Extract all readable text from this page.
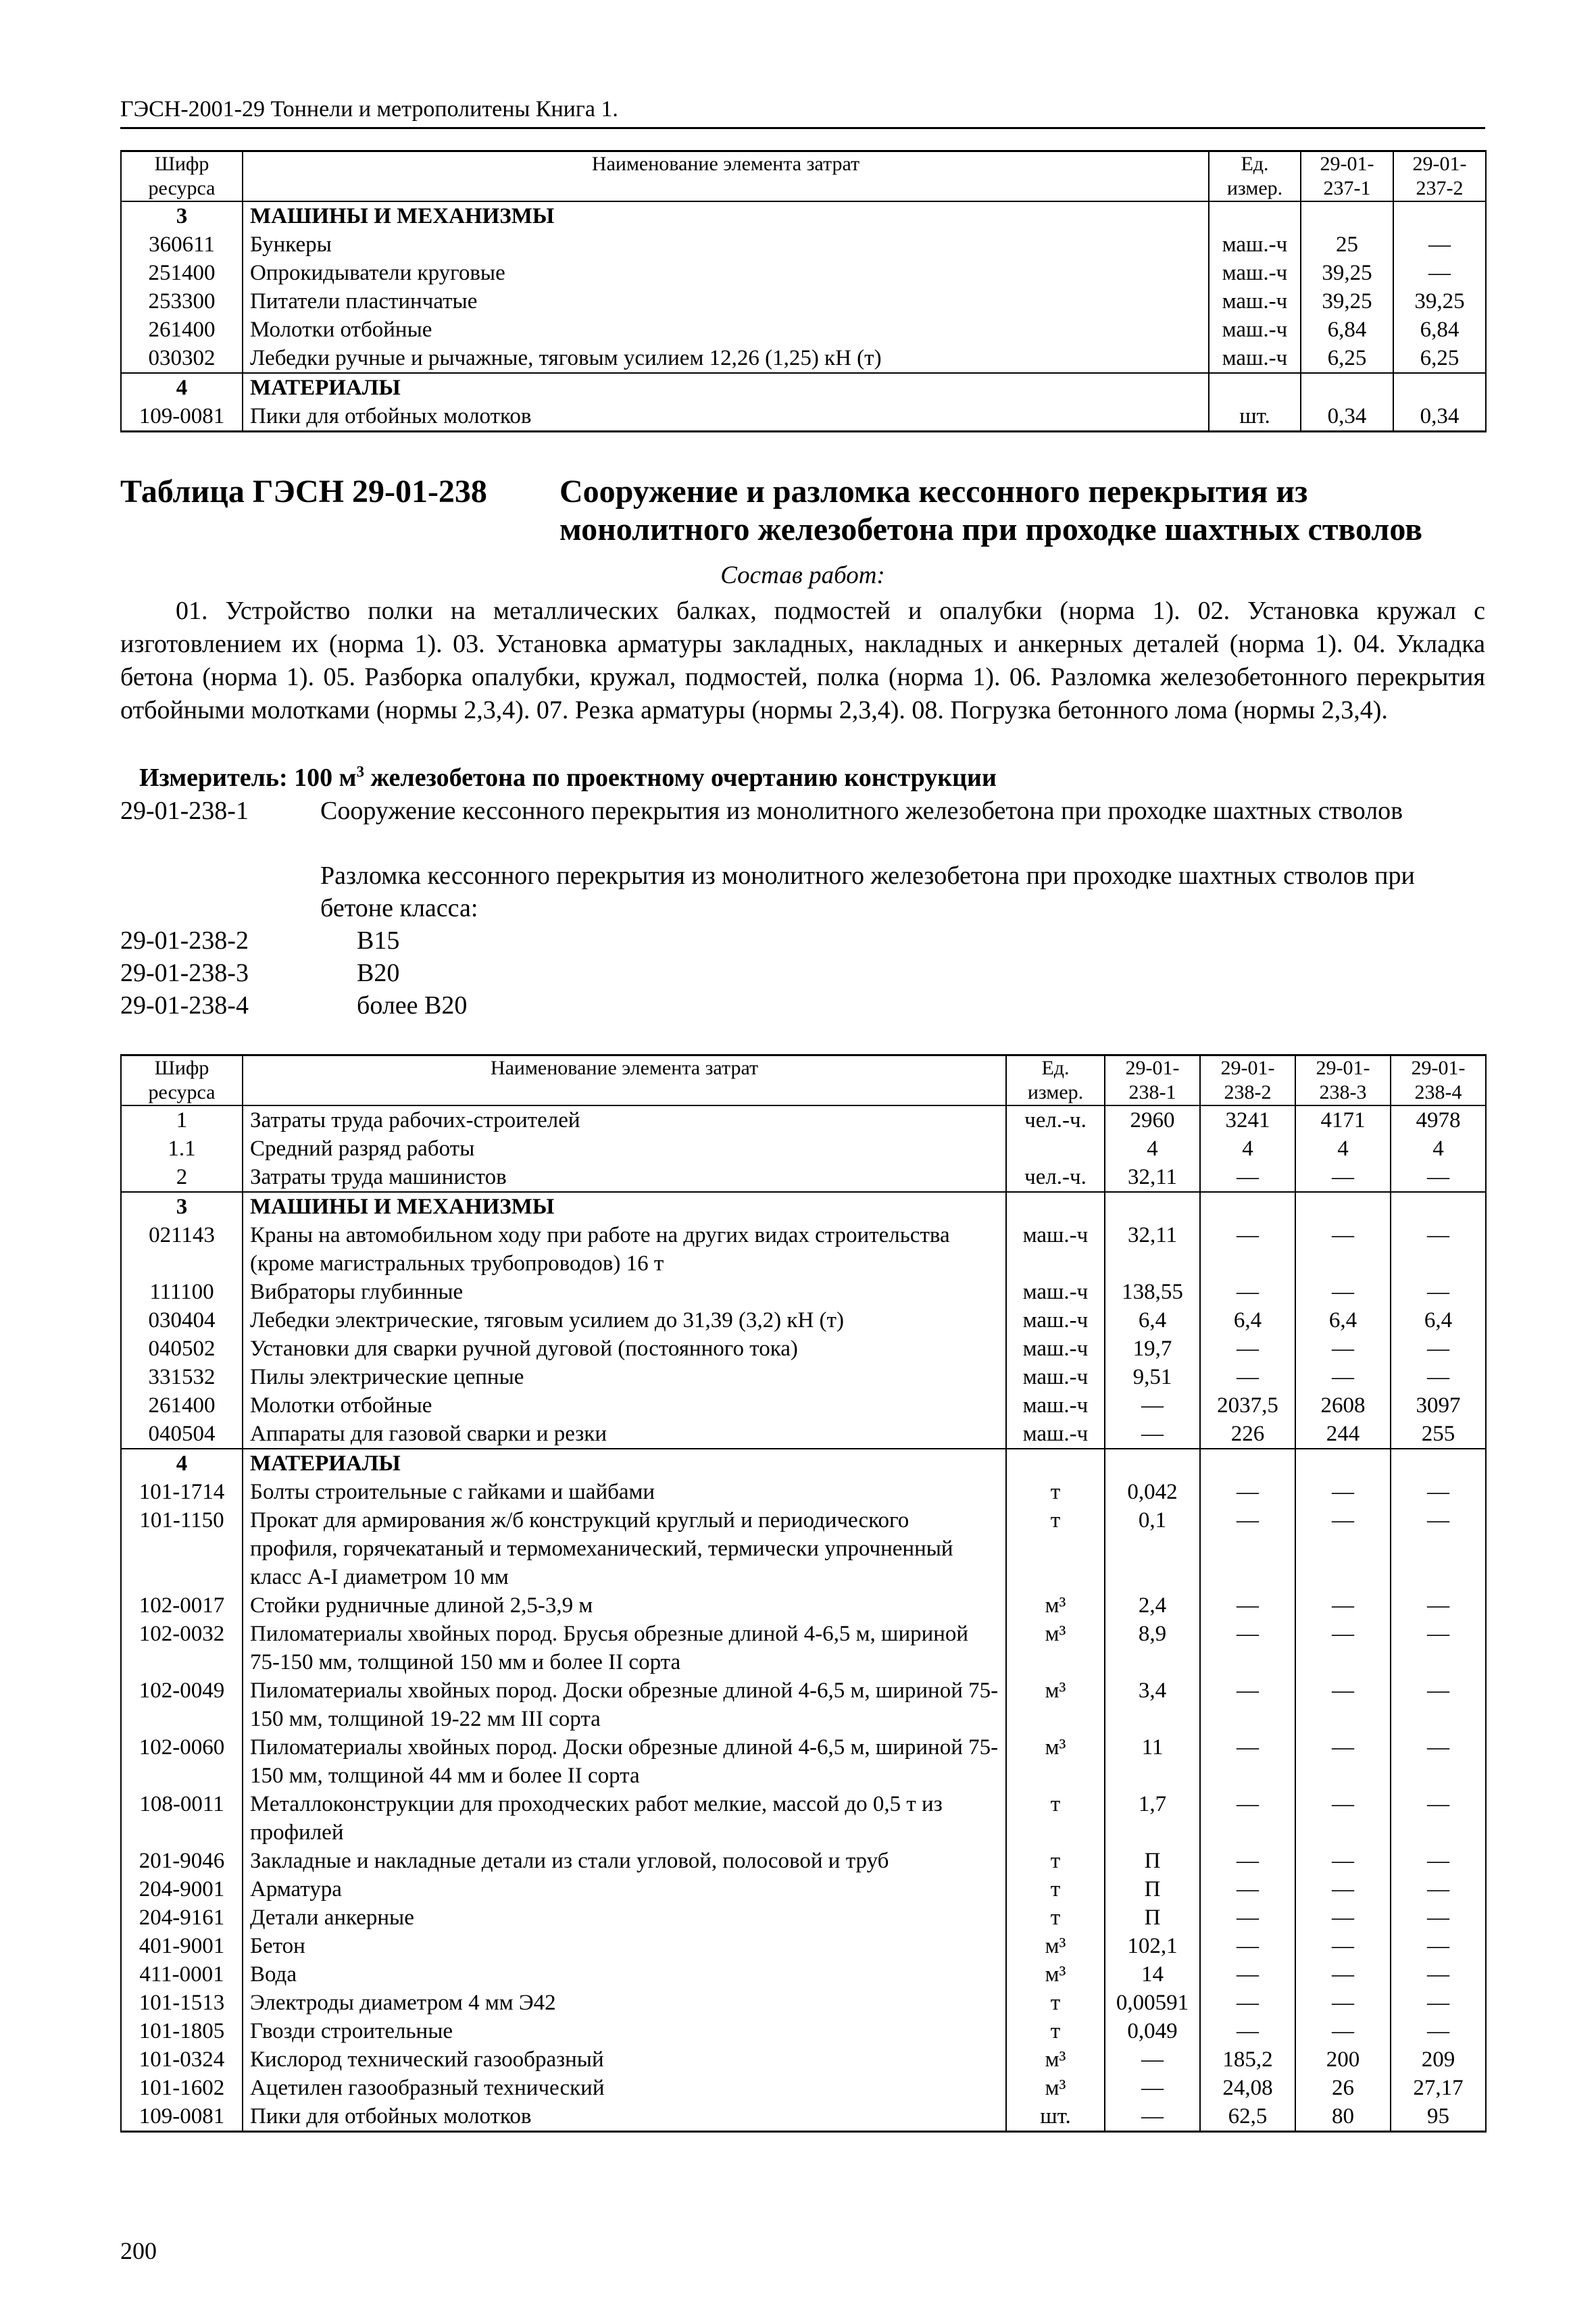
ГЭСН-2001-29 Тоннели и метрополитены Книга 1.
Шифр ресурса	Наименование элемента затрат	Ед. измер.	29-01-237-1	29-01-237-2
3	МАШИНЫ И МЕХАНИЗМЫ			
360611	Бункеры	маш.-ч	25	—
251400	Опрокидыватели круговые	маш.-ч	39,25	—
253300	Питатели пластинчатые	маш.-ч	39,25	39,25
261400	Молотки отбойные	маш.-ч	6,84	6,84
030302	Лебедки ручные и рычажные, тяговым усилием 12,26 (1,25) кН (т)	маш.-ч	6,25	6,25
4	МАТЕРИАЛЫ			
109-0081	Пики для отбойных молотков	шт.	0,34	0,34
Таблица ГЭСН 29-01-238 Сооружение и разломка кессонного перекрытия из монолитного железобетона при проходке шахтных стволов
Состав работ:
01. Устройство полки на металлических балках, подмостей и опалубки (норма 1). 02. Установка кружал с изготовлением их (норма 1). 03. Установка арматуры закладных, накладных и анкерных деталей (норма 1). 04. Укладка бетона (норма 1). 05. Разборка опалубки, кружал, подмостей, полка (норма 1). 06. Разломка железобетонного перекрытия отбойными молотками (нормы 2,3,4). 07. Резка арматуры (нормы 2,3,4). 08. Погрузка бетонного лома (нормы 2,3,4).
Измеритель: 100 $м^3$ железобетона по проектному очертанию конструкции
29-01-238-1	Сооружение кессонного перекрытия из монолитного железобетона при проходке шахтных стволов
Разломка кессонного перекрытия из монолитного железобетона при проходке шахтных стволов при бетоне класса:
29-01-238-2	В15
29-01-238-3	В20
29-01-238-4	более В20
Шифр ресурса	Наименование элемента затрат	Ед. измер.	29-01-238-1	29-01-238-2	29-01-238-3	29-01-238-4
1	Затраты труда рабочих-строителей	чел.-ч.	2960	3241	4171	4978
1.1	Средний разряд работы		4	4	4	4
2	Затраты труда машинистов	чел.-ч.	32,11	—	—	—
3	МАШИНЫ И МЕХАНИЗМЫ					
021143	Краны на автомобильном ходу при работе на других видах строительства (кроме магистральных трубопроводов) 16 т	маш.-ч	32,11	—	—	—
111100	Вибраторы глубинные	маш.-ч	138,55	—	—	—
030404	Лебедки электрические, тяговым усилием до 31,39 (3,2) кН (т)	маш.-ч	6,4	6,4	6,4	6,4
040502	Установки для сварки ручной дуговой (постоянного тока)	маш.-ч	19,7	—	—	—
331532	Пилы электрические цепные	маш.-ч	9,51	—	—	—
261400	Молотки отбойные	маш.-ч	—	2037,5	2608	3097
040504	Аппараты для газовой сварки и резки	маш.-ч	—	226	244	255
4	МАТЕРИАЛЫ					
101-1714	Болты строительные с гайками и шайбами	т	0,042	—	—	—
101-1150	Прокат для армирования ж/б конструкций круглый и периодического профиля, горячекатаный и термомеханический, термически упрочненный класс А-I диаметром 10 мм	т	0,1	—	—	—
102-0017	Стойки рудничные длиной 2,5-3,9 м	м³	2,4	—	—	—
102-0032	Пиломатериалы хвойных пород. Брусья обрезные длиной 4-6,5 м, шириной 75-150 мм, толщиной 150 мм и более II сорта	м³	8,9	—	—	—
102-0049	Пиломатериалы хвойных пород. Доски обрезные длиной 4-6,5 м, шириной 75-150 мм, толщиной 19-22 мм III сорта	м³	3,4	—	—	—
102-0060	Пиломатериалы хвойных пород. Доски обрезные длиной 4-6,5 м, шириной 75-150 мм, толщиной 44 мм и более II сорта	м³	11	—	—	—
108-0011	Металлоконструкции для проходческих работ мелкие, массой до 0,5 т из профилей	т	1,7	—	—	—
201-9046	Закладные и накладные детали из стали угловой, полосовой и труб	т	П	—	—	—
204-9001	Арматура	т	П	—	—	—
204-9161	Детали анкерные	т	П	—	—	—
401-9001	Бетон	м³	102,1	—	—	—
411-0001	Вода	м³	14	—	—	—
101-1513	Электроды диаметром 4 мм Э42	т	0,00591	—	—	—
101-1805	Гвозди строительные	т	0,049	—	—	—
101-0324	Кислород технический газообразный	м³	—	185,2	200	209
101-1602	Ацетилен газообразный технический	м³	—	24,08	26	27,17
109-0081	Пики для отбойных молотков	шт.	—	62,5	80	95
200
